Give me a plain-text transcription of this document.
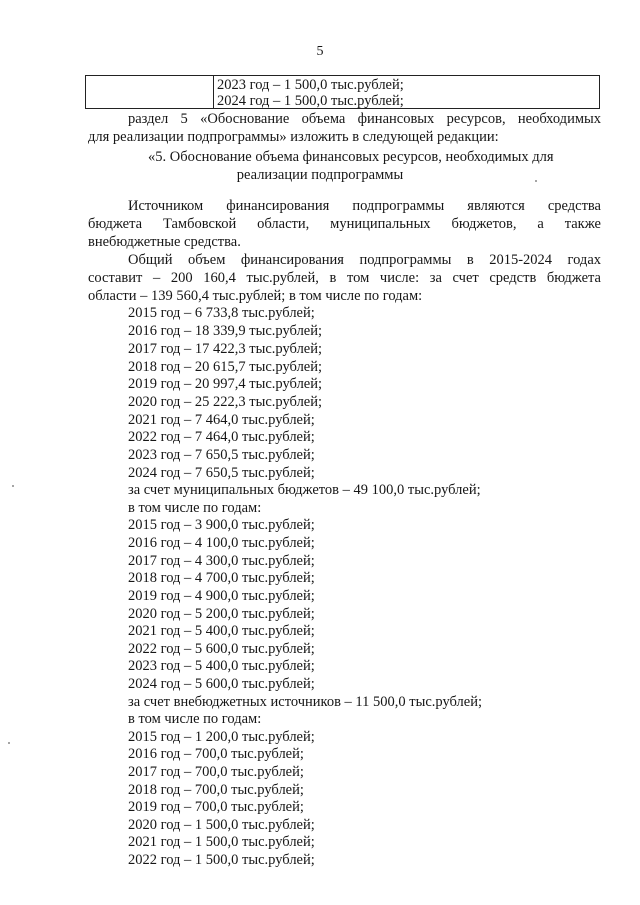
5
2023 год – 1 500,0 тыс.рублей;
2024 год – 1 500,0 тыс.рублей;
раздел 5 «Обоснование объема финансовых ресурсов, необходимых
для реализации подпрограммы» изложить в следующей редакции:
«5. Обоснование объема финансовых ресурсов, необходимых для
реализации подпрограммы
Источником финансирования подпрограммы являются средства
бюджета Тамбовской области, муниципальных бюджетов, а также
внебюджетные средства.
Общий объем финансирования подпрограммы в 2015-2024 годах
составит – 200 160,4 тыс.рублей, в том числе: за счет средств бюджета
области – 139 560,4 тыс.рублей; в том числе по годам:
2015 год – 6 733,8 тыс.рублей;
2016 год – 18 339,9 тыс.рублей;
2017 год – 17 422,3 тыс.рублей;
2018 год – 20 615,7 тыс.рублей;
2019 год – 20 997,4 тыс.рублей;
2020 год – 25 222,3 тыс.рублей;
2021 год – 7 464,0 тыс.рублей;
2022 год – 7 464,0 тыс.рублей;
2023 год – 7 650,5 тыс.рублей;
2024 год – 7 650,5 тыс.рублей;
за счет муниципальных бюджетов – 49 100,0 тыс.рублей;
в том числе по годам:
2015 год – 3 900,0 тыс.рублей;
2016 год – 4 100,0 тыс.рублей;
2017 год – 4 300,0 тыс.рублей;
2018 год – 4 700,0 тыс.рублей;
2019 год – 4 900,0 тыс.рублей;
2020 год – 5 200,0 тыс.рублей;
2021 год – 5 400,0 тыс.рублей;
2022 год – 5 600,0 тыс.рублей;
2023 год – 5 400,0 тыс.рублей;
2024 год – 5 600,0 тыс.рублей;
за счет внебюджетных источников – 11 500,0 тыс.рублей;
в том числе по годам:
2015 год – 1 200,0 тыс.рублей;
2016 год – 700,0 тыс.рублей;
2017 год – 700,0 тыс.рублей;
2018 год – 700,0 тыс.рублей;
2019 год – 700,0 тыс.рублей;
2020 год – 1 500,0 тыс.рублей;
2021 год – 1 500,0 тыс.рублей;
2022 год – 1 500,0 тыс.рублей;
